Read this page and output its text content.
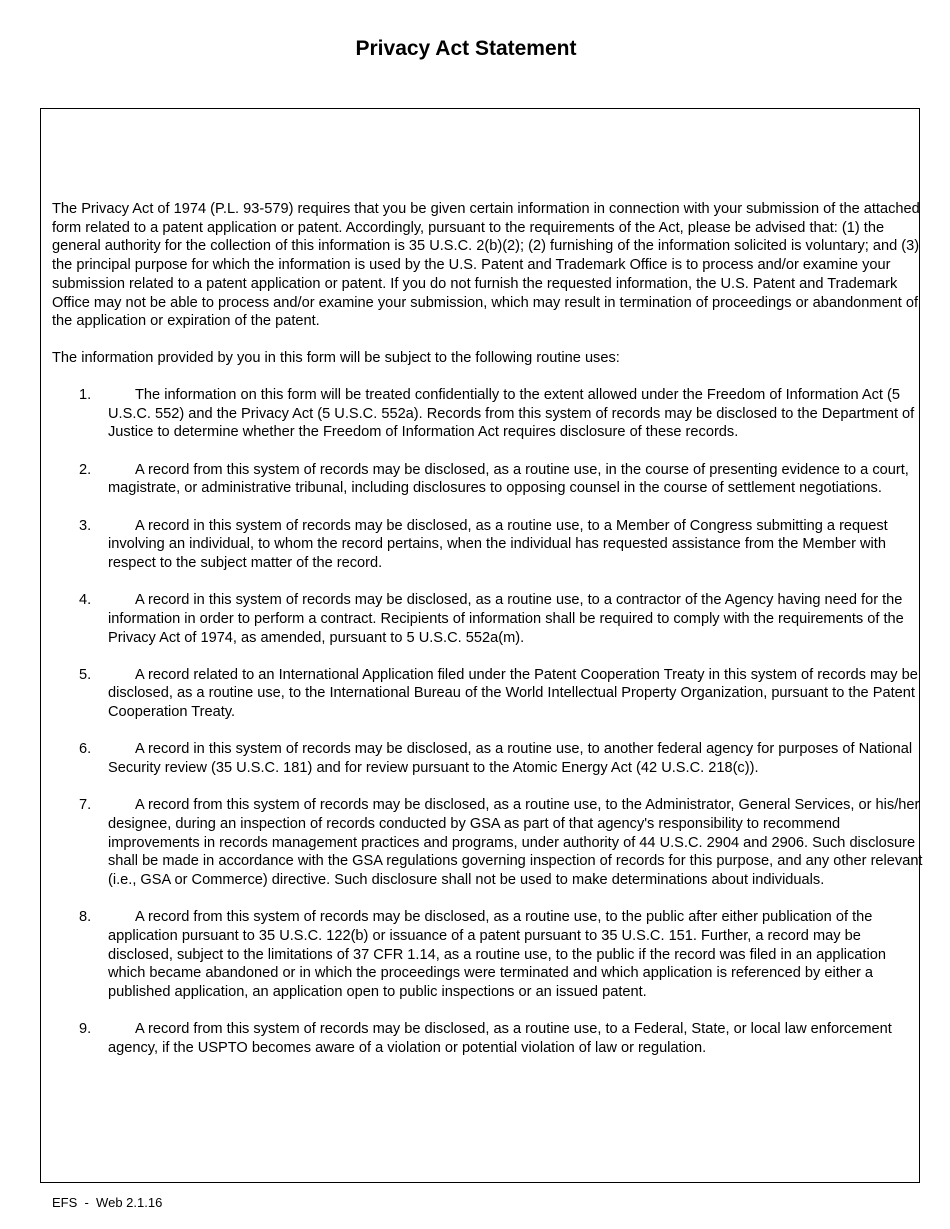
Privacy Act Statement

The Privacy Act of 1974 (P.L. 93-579) requires that you be given certain information in connection with your submission of the attached form related to a patent application or patent. Accordingly, pursuant to the requirements of the Act, please be advised that: (1) the general authority for the collection of this information is 35 U.S.C. 2(b)(2); (2) furnishing of the information solicited is voluntary; and (3) the principal purpose for which the information is used by the U.S. Patent and Trademark Office is to process and/or examine your submission related to a patent application or patent. If you do not furnish the requested information, the U.S. Patent and Trademark Office may not be able to process and/or examine your submission, which may result in termination of proceedings or abandonment of the application or expiration of the patent.

The information provided by you in this form will be subject to the following routine uses:

1.	The information on this form will be treated confidentially to the extent allowed under the Freedom of Information Act (5 U.S.C. 552) and the Privacy Act (5 U.S.C. 552a). Records from this system of records may be disclosed to the Department of Justice to determine whether the Freedom of Information Act requires disclosure of these records.
2.	A record from this system of records may be disclosed, as a routine use, in the course of presenting evidence to a court, magistrate, or administrative tribunal, including disclosures to opposing counsel in the course of settlement negotiations.
3.	A record in this system of records may be disclosed, as a routine use, to a Member of Congress submitting a request involving an individual, to whom the record pertains, when the individual has requested assistance from the Member with respect to the subject matter of the record.
4.	A record in this system of records may be disclosed, as a routine use, to a contractor of the Agency having need for the information in order to perform a contract. Recipients of information shall be required to comply with the requirements of the Privacy Act of 1974, as amended, pursuant to 5 U.S.C. 552a(m).
5.	A record related to an International Application filed under the Patent Cooperation Treaty in this system of records may be disclosed, as a routine use, to the International Bureau of the World Intellectual Property Organization, pursuant to the Patent Cooperation Treaty.
6.	A record in this system of records may be disclosed, as a routine use, to another federal agency for purposes of National Security review (35 U.S.C. 181) and for review pursuant to the Atomic Energy Act (42 U.S.C. 218(c)).
7.	A record from this system of records may be disclosed, as a routine use, to the Administrator, General Services, or his/her designee, during an inspection of records conducted by GSA as part of that agency's responsibility to recommend improvements in records management practices and programs, under authority of 44 U.S.C. 2904 and 2906. Such disclosure shall be made in accordance with the GSA regulations governing inspection of records for this purpose, and any other relevant (i.e., GSA or Commerce) directive. Such disclosure shall not be used to make determinations about individuals.
8.	A record from this system of records may be disclosed, as a routine use, to the public after either publication of the application pursuant to 35 U.S.C. 122(b) or issuance of a patent pursuant to 35 U.S.C. 151. Further, a record may be disclosed, subject to the limitations of 37 CFR 1.14, as a routine use, to the public if the record was filed in an application which became abandoned or in which the proceedings were terminated and which application is referenced by either a published application, an application open to public inspections or an issued patent.
9.	A record from this system of records may be disclosed, as a routine use, to a Federal, State, or local law enforcement agency, if the USPTO becomes aware of a violation or potential violation of law or regulation.

EFS  -  Web 2.1.16
